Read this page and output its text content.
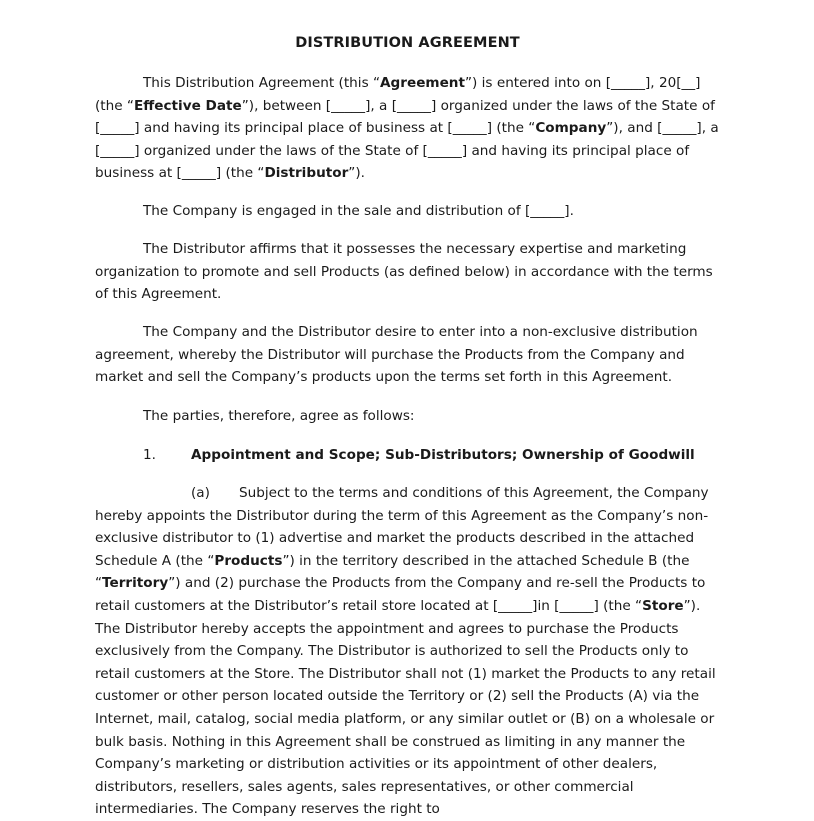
DISTRIBUTION AGREEMENT

This Distribution Agreement (this “Agreement”) is entered into on [_____], 20[__] (the “Effective Date”), between [_____], a [_____] organized under the laws of the State of [_____] and having its principal place of business at [_____] (the “Company”), and [_____], a [_____] organized under the laws of the State of [_____] and having its principal place of business at [_____] (the “Distributor”).

The Company is engaged in the sale and distribution of [_____].

The Distributor affirms that it possesses the necessary expertise and marketing organization to promote and sell Products (as defined below) in accordance with the terms of this Agreement.

The Company and the Distributor desire to enter into a non-exclusive distribution agreement, whereby the Distributor will purchase the Products from the Company and market and sell the Company’s products upon the terms set forth in this Agreement.

The parties, therefore, agree as follows:

1.	Appointment and Scope; Sub-Distributors; Ownership of Goodwill

(a) Subject to the terms and conditions of this Agreement, the Company hereby appoints the Distributor during the term of this Agreement as the Company’s non-exclusive distributor to (1) advertise and market the products described in the attached Schedule A (the “Products”) in the territory described in the attached Schedule B (the “Territory”) and (2) purchase the Products from the Company and re-sell the Products to retail customers at the Distributor’s retail store located at [_____]in [_____] (the “Store”). The Distributor hereby accepts the appointment and agrees to purchase the Products exclusively from the Company. The Distributor is authorized to sell the Products only to retail customers at the Store. The Distributor shall not (1) market the Products to any retail customer or other person located outside the Territory or (2) sell the Products (A) via the Internet, mail, catalog, social media platform, or any similar outlet or (B) on a wholesale or bulk basis. Nothing in this Agreement shall be construed as limiting in any manner the Company’s marketing or distribution activities or its appointment of other dealers, distributors, resellers, sales agents, sales representatives, or other commercial intermediaries. The Company reserves the right to
